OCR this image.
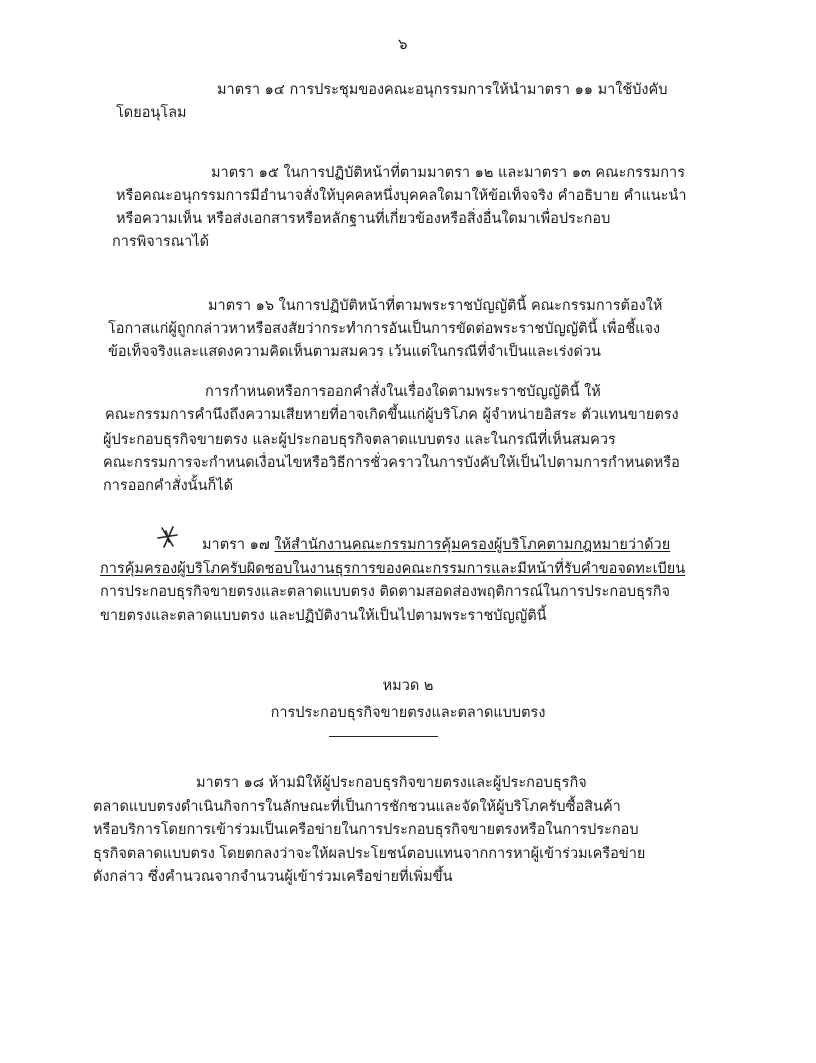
๖
มาตรา ๑๔ การประชุมของคณะอนุกรรมการให้นำมาตรา ๑๑ มาใช้บังคับ
โดยอนุโลม
มาตรา ๑๕ ในการปฏิบัติหน้าที่ตามมาตรา ๑๒ และมาตรา ๑๓ คณะกรรมการ
หรือคณะอนุกรรมการมีอำนาจสั่งให้บุคคลหนึ่งบุคคลใดมาให้ข้อเท็จจริง คำอธิบาย คำแนะนำ
หรือความเห็น หรือส่งเอกสารหรือหลักฐานที่เกี่ยวข้องหรือสิ่งอื่นใดมาเพื่อประกอบ
การพิจารณาได้
มาตรา ๑๖ ในการปฏิบัติหน้าที่ตามพระราชบัญญัตินี้ คณะกรรมการต้องให้
โอกาสแก่ผู้ถูกกล่าวหาหรือสงสัยว่ากระทำการอันเป็นการขัดต่อพระราชบัญญัตินี้ เพื่อชี้แจง
ข้อเท็จจริงและแสดงความคิดเห็นตามสมควร เว้นแต่ในกรณีที่จำเป็นและเร่งด่วน
การกำหนดหรือการออกคำสั่งในเรื่องใดตามพระราชบัญญัตินี้ ให้
คณะกรรมการคำนึงถึงความเสียหายที่อาจเกิดขึ้นแก่ผู้บริโภค ผู้จำหน่ายอิสระ ตัวแทนขายตรง
ผู้ประกอบธุรกิจขายตรง และผู้ประกอบธุรกิจตลาดแบบตรง และในกรณีที่เห็นสมควร
คณะกรรมการจะกำหนดเงื่อนไขหรือวิธีการชั่วคราวในการบังคับให้เป็นไปตามการกำหนดหรือ
การออกคำสั่งนั้นก็ได้
มาตรา ๑๗ ให้สำนักงานคณะกรรมการคุ้มครองผู้บริโภคตามกฎหมายว่าด้วย
การคุ้มครองผู้บริโภครับผิดชอบในงานธุรการของคณะกรรมการและมีหน้าที่รับคำขอจดทะเบียน
การประกอบธุรกิจขายตรงและตลาดแบบตรง ติดตามสอดส่องพฤติการณ์ในการประกอบธุรกิจ
ขายตรงและตลาดแบบตรง และปฏิบัติงานให้เป็นไปตามพระราชบัญญัตินี้
หมวด ๒
การประกอบธุรกิจขายตรงและตลาดแบบตรง
มาตรา ๑๘ ห้ามมิให้ผู้ประกอบธุรกิจขายตรงและผู้ประกอบธุรกิจ
ตลาดแบบตรงดำเนินกิจการในลักษณะที่เป็นการชักชวนและจัดให้ผู้บริโภครับซื้อสินค้า
หรือบริการโดยการเข้าร่วมเป็นเครือข่ายในการประกอบธุรกิจขายตรงหรือในการประกอบ
ธุรกิจตลาดแบบตรง โดยตกลงว่าจะให้ผลประโยชน์ตอบแทนจากการหาผู้เข้าร่วมเครือข่าย
ดังกล่าว ซึ่งคำนวณจากจำนวนผู้เข้าร่วมเครือข่ายที่เพิ่มขึ้น
